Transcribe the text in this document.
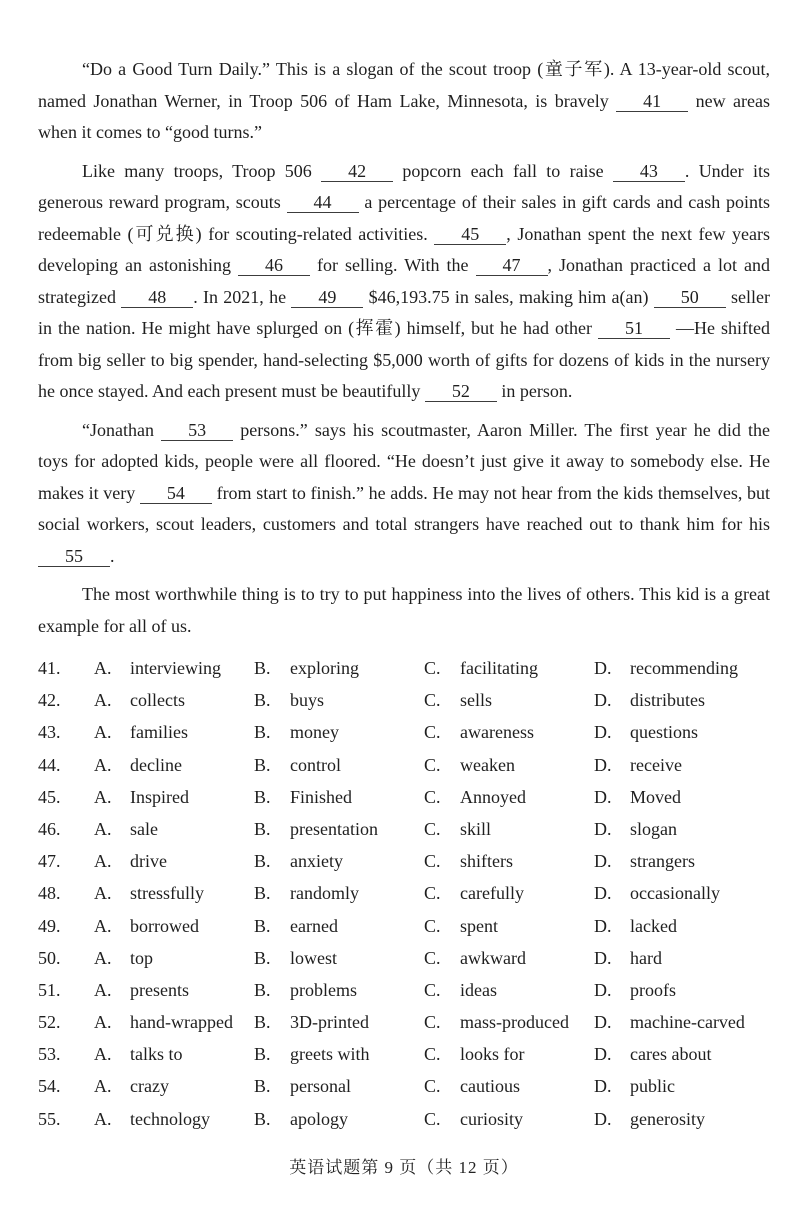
“Do a Good Turn Daily.” This is a slogan of the scout troop (童子军). A 13-year-old scout, named Jonathan Werner, in Troop 506 of Ham Lake, Minnesota, is bravely 41 new areas when it comes to “good turns.”

Like many troops, Troop 506 42 popcorn each fall to raise 43 . Under its generous reward program, scouts 44 a percentage of their sales in gift cards and cash points redeemable (可兑换) for scouting-related activities. 45 , Jonathan spent the next few years developing an astonishing 46 for selling. With the 47 , Jonathan practiced a lot and strategized 48 . In 2021, he 49 $46,193.75 in sales, making him a(an) 50 seller in the nation. He might have splurged on (挥霍) himself, but he had other 51 —He shifted from big seller to big spender, hand-selecting $5,000 worth of gifts for dozens of kids in the nursery he once stayed. And each present must be beautifully 52 in person.

“Jonathan 53 persons.” says his scoutmaster, Aaron Miller. The first year he did the toys for adopted kids, people were all floored. “He doesn’t just give it away to somebody else. He makes it very 54 from start to finish.” he adds. He may not hear from the kids themselves, but social workers, scout leaders, customers and total strangers have reached out to thank him for his 55 .

The most worthwhile thing is to try to put happiness into the lives of others. This kid is a great example for all of us.

41.	A. interviewing	B. exploring	C. facilitating	D. recommending
42.	A. collects	B. buys	C. sells	D. distributes
43.	A. families	B. money	C. awareness	D. questions
44.	A. decline	B. control	C. weaken	D. receive
45.	A. Inspired	B. Finished	C. Annoyed	D. Moved
46.	A. sale	B. presentation	C. skill	D. slogan
47.	A. drive	B. anxiety	C. shifters	D. strangers
48.	A. stressfully	B. randomly	C. carefully	D. occasionally
49.	A. borrowed	B. earned	C. spent	D. lacked
50.	A. top	B. lowest	C. awkward	D. hard
51.	A. presents	B. problems	C. ideas	D. proofs
52.	A. hand-wrapped	B. 3D-printed	C. mass-produced	D. machine-carved
53.	A. talks to	B. greets with	C. looks for	D. cares about
54.	A. crazy	B. personal	C. cautious	D. public
55.	A. technology	B. apology	C. curiosity	D. generosity
英语试题第 9 页（共 12 页）
